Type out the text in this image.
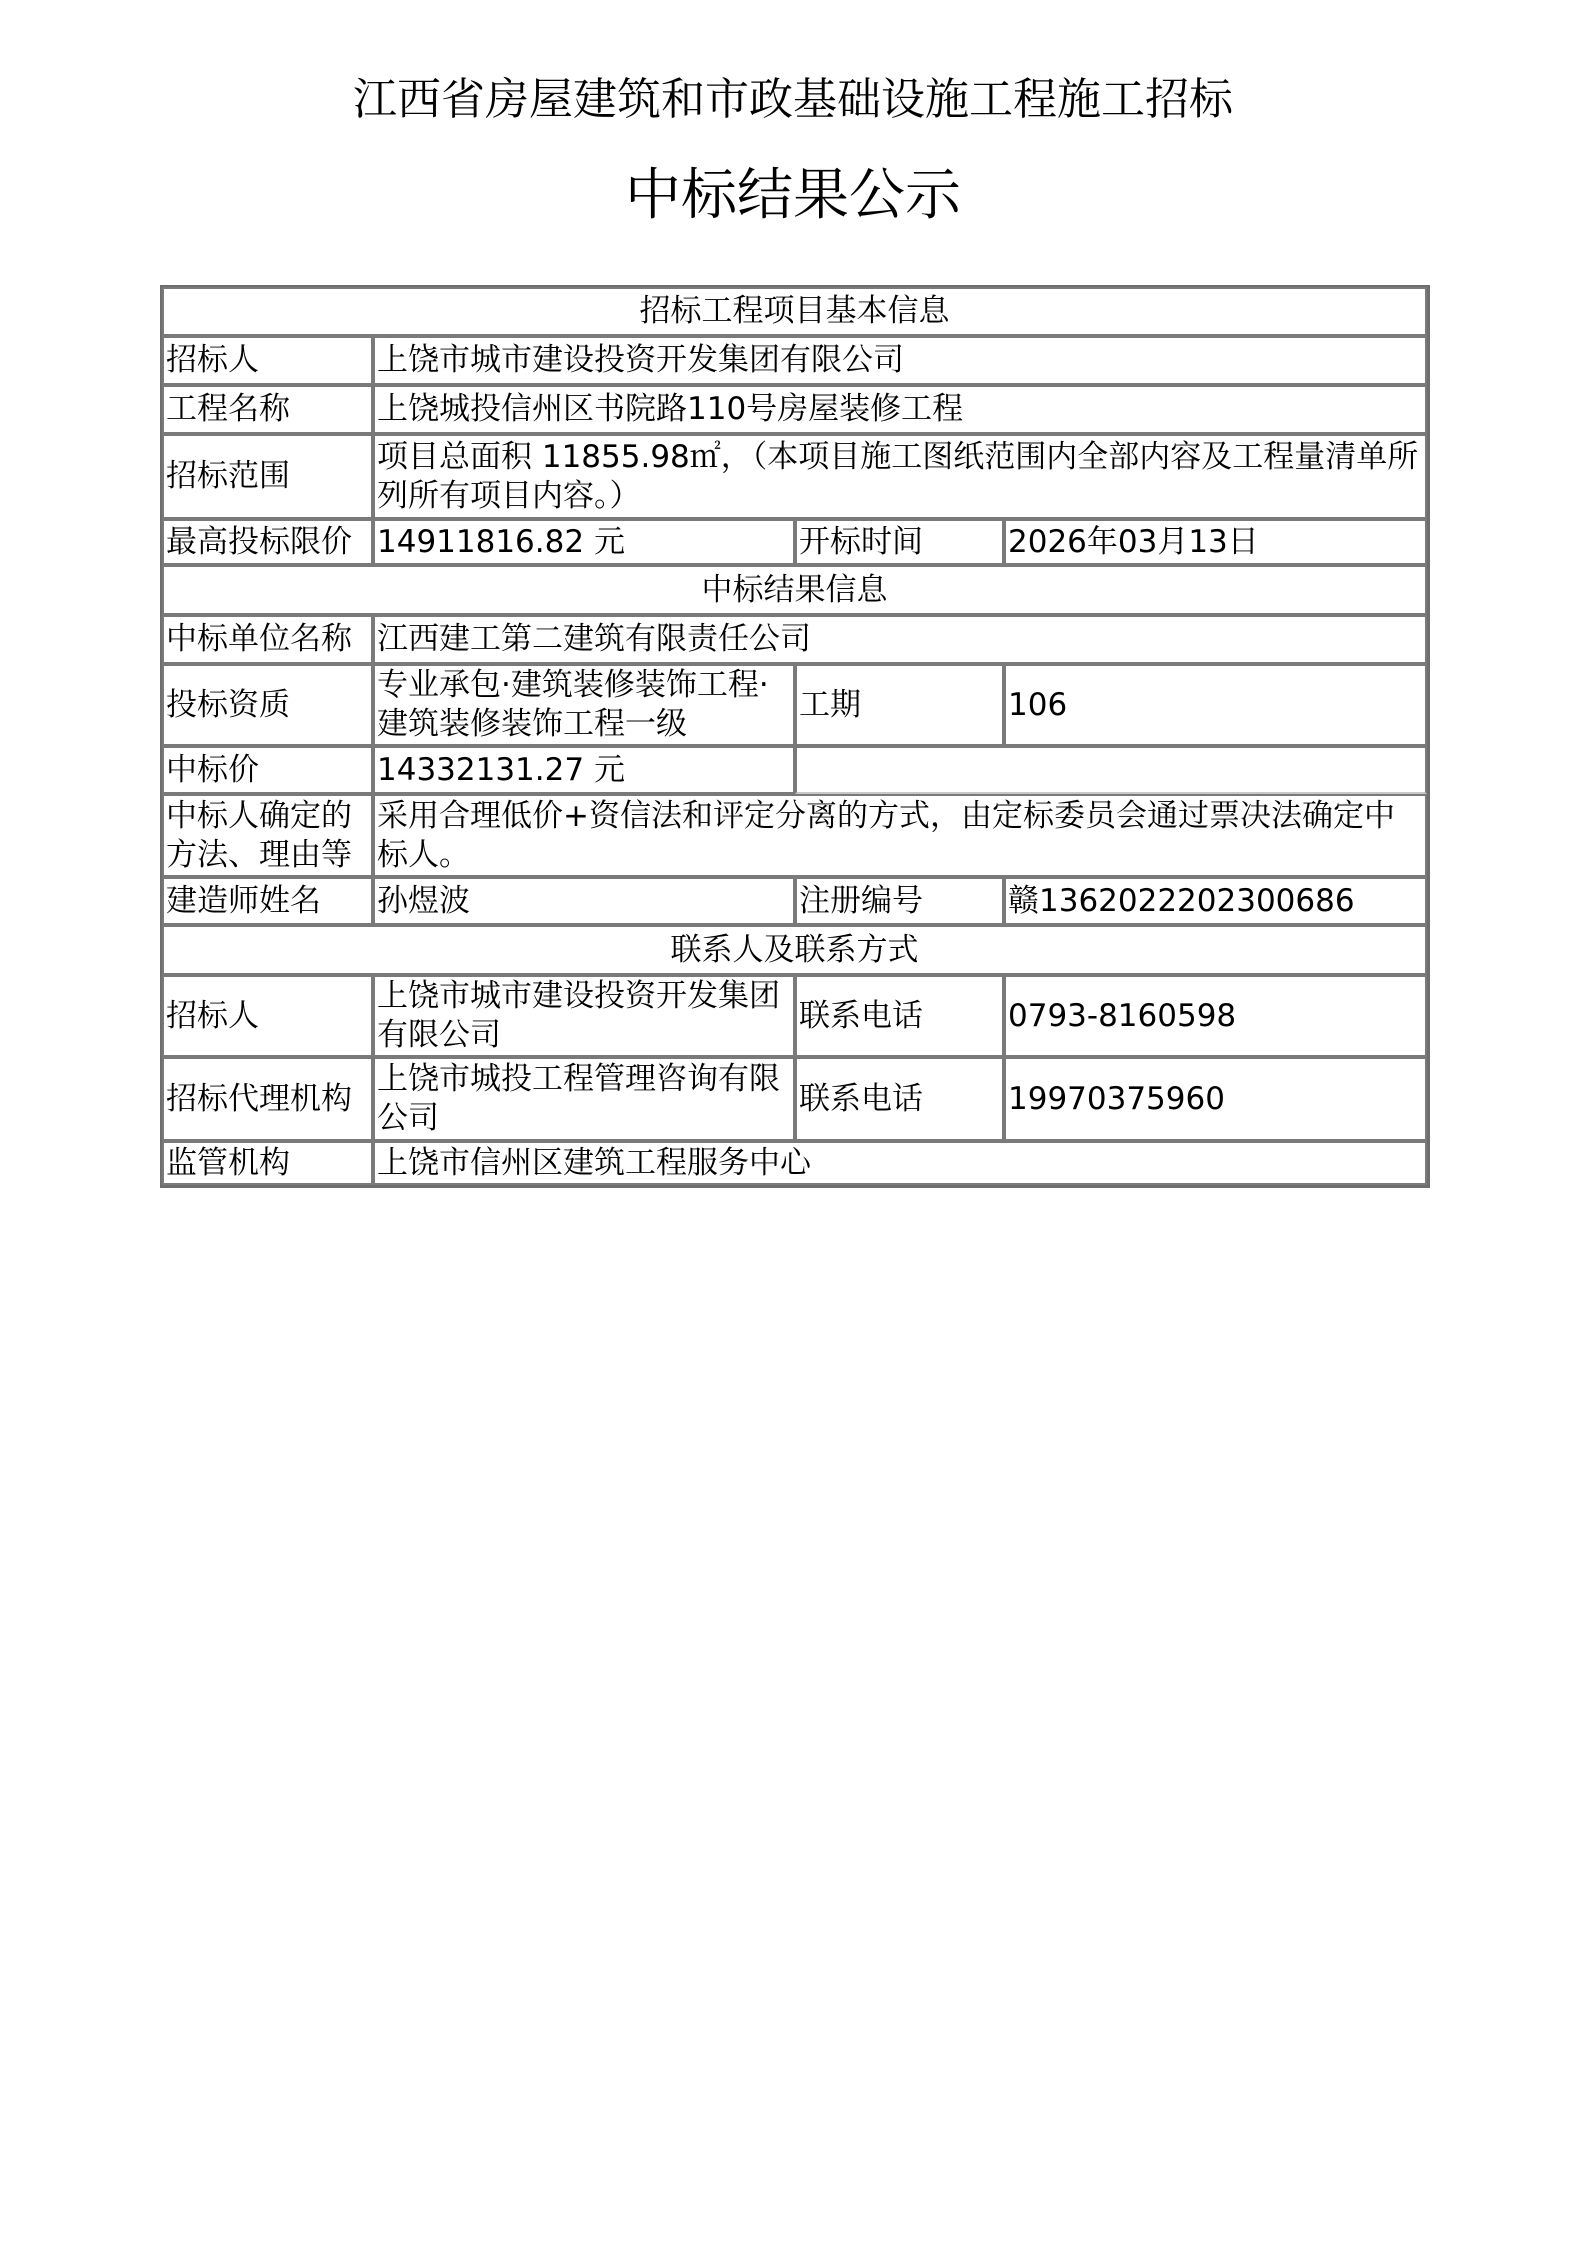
江西省房屋建筑和市政基础设施工程施工招标
中标结果公示
招标工程项目基本信息			
招标人	上饶市城市建设投资开发集团有限公司		
工程名称	上饶城投信州区书院路110号房屋装修工程		
招标范围	项目总面积 11855.98㎡，（本项目施工图纸范围内全部内容及工程量清单所列所有项目内容。）		
最高投标限价	14911816.82 元	开标时间	2026年03月13日
中标结果信息			
中标单位名称	江西建工第二建筑有限责任公司		
投标资质	专业承包·建筑装修装饰工程·建筑装修装饰工程一级	工期	106
中标价	14332131.27 元		
中标人确定的方法、理由等	采用合理低价+资信法和评定分离的方式，由定标委员会通过票决法确定中标人。		
建造师姓名	孙煜波	注册编号	赣1362022202300686
联系人及联系方式			
招标人	上饶市城市建设投资开发集团有限公司	联系电话	0793-8160598
招标代理机构	上饶市城投工程管理咨询有限公司	联系电话	19970375960
监管机构	上饶市信州区建筑工程服务中心		
